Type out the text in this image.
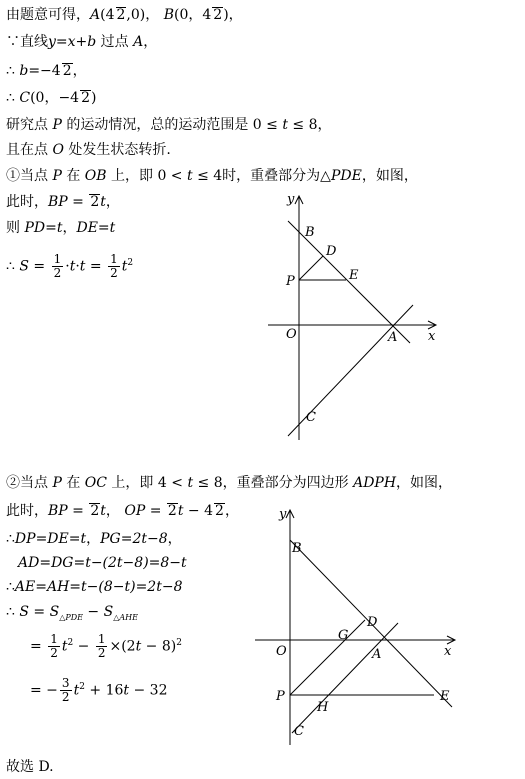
由题意可得，A(4 2,0)， B(0，4 2)，
∵直线y=x+b 过点 A，
∴ b=−4 2，
∴ C(0，−4 2)
研究点 P 的运动情况，总的运动范围是 0 ≤ t ≤ 8，
且在点 O 处发生状态转折.
①当点 P 在 OB 上，即 0 < t ≤ 4时，重叠部分为△PDE，如图，
此时，BP = 2t，
则 PD=t，DE=t
∴ $S = \frac{1}{2} \cdot t\cdot t = \frac{1}{2} t^2$
y
x
O
B
D
E
P
A
C
②当点 P 在 OC 上，即 4 < t ≤ 8，重叠部分为四边形 ADPH，如图，
此时，BP = 2t， OP = 2t − 4 2，
∴DP=DE=t，PG=2t−8，
AD=DG=t−(2t−8)=8−t
∴AE=AH=t−(8−t)=2t−8
∴ $S = S_{\triangle PDE} - S_{\triangle AHE}$
= $\frac{1}{2} t^2 - \frac{1}{2} \times(2t - 8)^2$
= − $\frac{3}{2} t^2 + 16t - 32$
故选 D.
y
x
O
B
D
G
A
P
H
E
C
